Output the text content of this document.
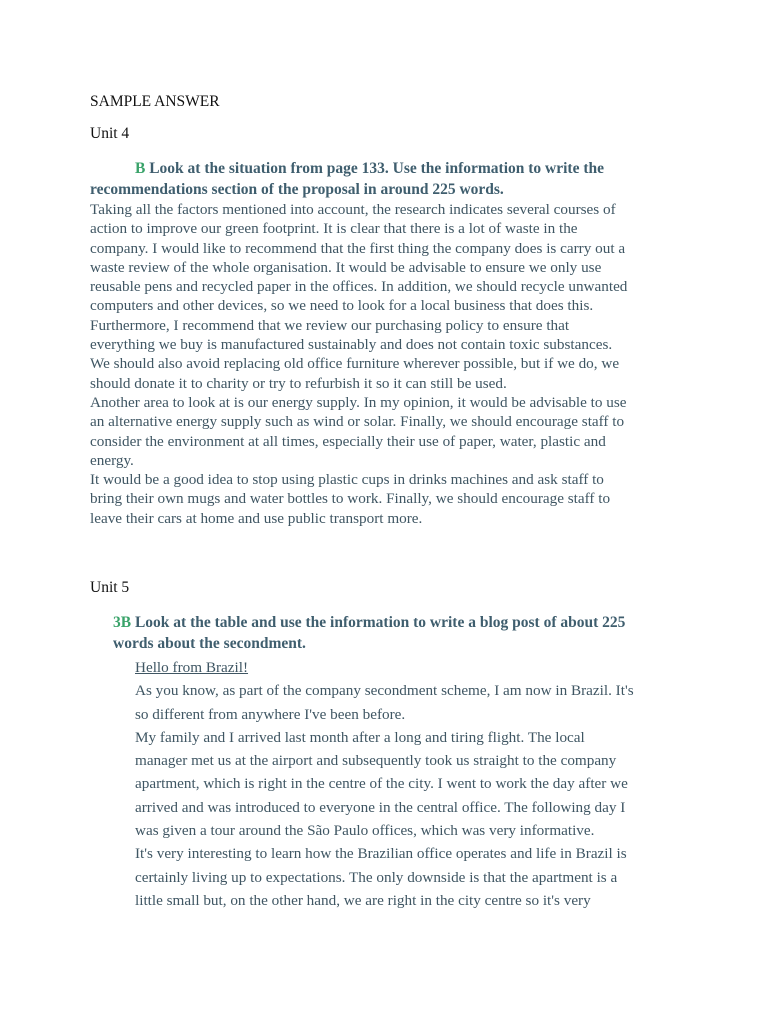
SAMPLE ANSWER
Unit 4
B Look at the situation from page 133. Use the information to write the
recommendations section of the proposal in around 225 words.

Taking all the factors mentioned into account, the research indicates several courses of

action to improve our green footprint. It is clear that there is a lot of waste in the

company. I would like to recommend that the first thing the company does is carry out a

waste review of the whole organisation. It would be advisable to ensure we only use

reusable pens and recycled paper in the offices. In addition, we should recycle unwanted

computers and other devices, so we need to look for a local business that does this.

Furthermore, I recommend that we review our purchasing policy to ensure that

everything we buy is manufactured sustainably and does not contain toxic substances.

We should also avoid replacing old office furniture wherever possible, but if we do, we

should donate it to charity or try to refurbish it so it can still be used.

Another area to look at is our energy supply. In my opinion, it would be advisable to use

an alternative energy supply such as wind or solar. Finally, we should encourage staff to

consider the environment at all times, especially their use of paper, water, plastic and

energy.

It would be a good idea to stop using plastic cups in drinks machines and ask staff to

bring their own mugs and water bottles to work. Finally, we should encourage staff to

leave their cars at home and use public transport more.

Unit 5
3B Look at the table and use the information to write a blog post of about 225
words about the secondment.

Hello from Brazil!

As you know, as part of the company secondment scheme, I am now in Brazil. It's

so different from anywhere I've been before.

My family and I arrived last month after a long and tiring flight. The local

manager met us at the airport and subsequently took us straight to the company

apartment, which is right in the centre of the city. I went to work the day after we

arrived and was introduced to everyone in the central office. The following day I

was given a tour around the São Paulo offices, which was very informative.

It's very interesting to learn how the Brazilian office operates and life in Brazil is

certainly living up to expectations. The only downside is that the apartment is a

little small but, on the other hand, we are right in the city centre so it's very
